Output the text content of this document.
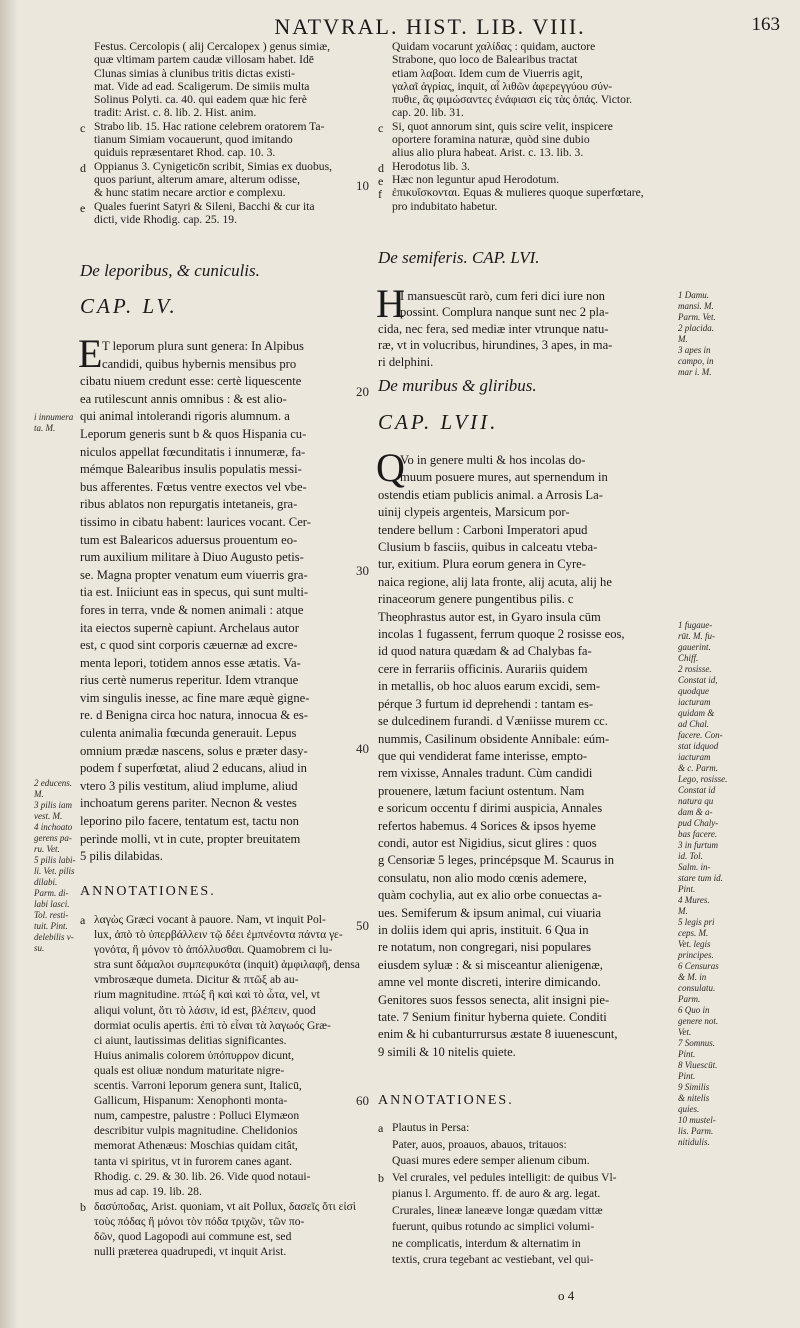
NATVRAL. HIST. LIB. VIII.	163
10
20
30
40
50
60

Festus. Cercolopis ( alij Cercalopex ) genus simiæ,

quæ vltimam partem caudæ villosam habet. Idē

Clunas simias à clunibus tritis dictas existi-

mat. Vide ad ead. Scaligerum. De simiis multa

Solinus Polyti. ca. 40. qui eadem quæ hic ferè

tradit: Arist. c. 8. lib. 2. Hist. anim.

c Strabo lib. 15. Hac ratione celebrem oratorem Ta-

tianum Simiam vocauerunt, quod imitando

quiduis repræsentaret Rhod. cap. 10. 3.

d Oppianus 3. Cynigeticōn scribit, Simias ex duobus,

quos pariunt, alterum amare, alterum odisse,

& hunc statim necare arctior e complexu.

e Quales fuerint Satyri & Sileni, Bacchi & cur ita

dicti, vide Rhodig. cap. 25. 19.

De leporibus, & cuniculis.

CAP. LV.

T leporum plura sunt genera: In Alpibus

candidi, quibus hybernis mensibus pro

cibatu niuem credunt esse: certè liquescente

ea rutilescunt annis omnibus : & est alio-

qui animal intolerandi rigoris alumnum. a

Leporum generis sunt b & quos Hispania cu-

niculos appellat fœcunditatis i innumeræ, fa-

mémque Balearibus insulis populatis messi-

bus afferentes. Fœtus ventre exectos vel vbe-

ribus ablatos non repurgatis intetaneis, gra-

tissimo in cibatu habent: laurices vocant. Cer-

tum est Balearicos aduersus prouentum eo-

rum auxilium militare à Diuo Augusto petis-

se. Magna propter venatum eum viuerris gra-

tia est. Iniiciunt eas in specus, qui sunt multi-

fores in terra, vnde & nomen animali : atque

ita eiectos supernè capiunt. Archelaus autor

est, c quod sint corporis cæuernæ ad excre-

menta lepori, totidem annos esse ætatis. Va-

rius certè numerus reperitur. Idem vtranque

vim singulis inesse, ac fine mare æquè gigne-

re. d Benigna circa hoc natura, innocua & es-

culenta animalia fœcunda generauit. Lepus

omnium prædæ nascens, solus e præter dasy-

podem f superfœtat, aliud 2 educans, aliud in

vtero 3 pilis vestitum, aliud implume, aliud

inchoatum gerens pariter. Necnon & vestes

leporino pilo facere, tentatum est, tactu non

perinde molli, vt in cute, propter breuitatem

5 pilis dilabidas.

E

ANNOTATIONES.

a λαγὼς Græci vocant à pauore. Nam, vt inquit Pol-

lux, ἀπὸ τὸ ὑπερβάλλειν τῷ δέει ἐμπνέοντα πάντα γε-

γονότα, ἢ μόνον τὸ ἀπόλλυσθαι. Quamobrem ci lu-

stra sunt δάμαλοι συμπεφυκότα (inquit) ἀμφιλαφῆ, densa

vmbrosæque dumeta. Dicitur & πτῶξ ab au-

rium magnitudine. πτώξ ἢ καὶ καὶ τὸ ὦτα, vel, vt

aliqui volunt, ὅτι τὸ λάσιν, id est, βλέπειν, quod

dormiat oculis apertis. ἐπὶ τὸ εἶναι τὰ λαγωός Græ-

ci aiunt, lautissimas delitias significantes.

Huius animalis colorem ὑπόπυρρον dicunt,

quals est oliuæ nondum maturitate nigre-

scentis. Varroni leporum genera sunt, Italicū,

Gallicum, Hispanum: Xenophonti monta-

num, campestre, palustre : Polluci Elymæon

describitur vulpis magnitudine. Chelidonios

memorat Athenæus: Moschias quidam citât,

tanta vi spiritus, vt in furorem canes agant.

Rhodig. c. 29. & 30. lib. 26. Vide quod notaui-

mus ad cap. 19. lib. 28.

b δασύποδας, Arist. quoniam, vt ait Pollux, δασεῖς ὅτι εἰσὶ

τοὺς πόδας ἢ μόνοι τὸν πόδα τριχῶν, τῶν πο-

δῶν, quod Lagopodi aui commune est, sed

nulli præterea quadrupedi, vt inquit Arist.

Quidam vocarunt χαλίδας : quidam, auctore

Strabone, quo loco de Balearibus tractat

etiam λαβοαι. Idem cum de Viuerris agit,

γαλαῖ ἀγρίας, inquit, αἷ λιθῶν ἀφερεγγύου σύν-

πυθιε, ἂς φιμώσαντες ἐνάφιασι εἰς τὰς ὀπάς. Victor.

cap. 20. lib. 31.

c Si, quot annorum sint, quis scire velit, inspicere

oportere foramina naturæ, quòd sine dubio

alius alio plura habeat. Arist. c. 13. lib. 3.

d Herodotus lib. 3.

e Hæc non leguntur apud Herodotum.

f ἐπικυΐσκονται. Equas & mulieres quoque superfœtare,

pro indubitato habetur.

De semiferis. CAP. LVI.

I mansuescūt rarò, cum feri dici iure non

possint. Complura nanque sunt nec 2 pla-

cida, nec fera, sed mediæ inter vtrunque natu-

ræ, vt in volucribus, hirundines, 3 apes, in ma-

ri delphini.

H

De muribus & gliribus.

CAP. LVII.

Vo in genere multi & hos incolas do-

muum posuere mures, aut spernendum in

ostendis etiam publicis animal. a Arrosis La-

uinij clypeis argenteis, Marsicum por-

tendere bellum : Carboni Imperatori apud

Clusium b fasciis, quibus in calceatu vteba-

tur, exitium. Plura eorum genera in Cyre-

naica regione, alij lata fronte, alij acuta, alij he

rinaceorum genere pungentibus pilis. c

Theophrastus autor est, in Gyaro insula cūm

incolas 1 fugassent, ferrum quoque 2 rosisse eos,

id quod natura quædam & ad Chalybas fa-

cere in ferrariis officinis. Aurariis quidem

in metallis, ob hoc aluos earum excidi, sem-

pérque 3 furtum id deprehendi : tantam es-

se dulcedinem furandi. d Væniisse murem cc.

nummis, Casilinum obsidente Annibale: eúm-

que qui vendiderat fame interisse, empto-

rem vixisse, Annales tradunt. Cùm candidi

prouenere, lætum faciunt ostentum. Nam

e soricum occentu f dirimi auspicia, Annales

refertos habemus. 4 Sorices & ipsos hyeme

condi, autor est Nigidius, sicut glires : quos

g Censoriæ 5 leges, princépsque M. Scaurus in

consulatu, non alio modo cœnis ademere,

quàm cochylia, aut ex alio orbe conuectas a-

ues. Semiferum & ipsum animal, cui viuaria

in doliis idem qui apris, instituit. 6 Qua in

re notatum, non congregari, nisi populares

eiusdem syluæ : & si misceantur alienigenæ,

amne vel monte discreti, interire dimicando.

Genitores suos fessos senecta, alit insigni pie-

tate. 7 Senium finitur hyberna quiete. Conditi

enim & hi cubanturrursus æstate 8 iuuenescunt,

9 simili & 10 nitelis quiete.

Q

ANNOTATIONES.

a Plautus in Persa:

Pater, auos, proauos, abauos, tritauos:

Quasi mures edere semper alienum cibum.

b Vel crurales, vel pedules intelligit: de quibus Vl-

pianus l. Argumento. ff. de auro & arg. legat.

Crurales, lineæ laneæve longæ quædam vittæ

fuerunt, quibus rotundo ac simplici volumi-

ne complicatis, interdum & alternatim in

textis, crura tegebant ac vestiebant, vel qui-

o 4
i innumera
ta. M.
2 educens.
M.
3 pilis iam
vest. M.
4 inchoato
gerens pa-
ru. Vet.
5 pilis labi-
li. Vet. pilis
dilabi.
Parm. di-
labi lasci.
Tol. resti-
tuit. Pint.
delebilis v-
su.
1 Damu.
mansi. M.
Parm. Vet.
2 placida.
M.
3 apes in
campo, in
mar i. M.
1 fugaue-
rūt. M. fu-
gauerint.
Chiff.
2 rosisse.
Constat id,
quodque
iacturam
quidam &
ad Chal.
facere. Con-
stat idquod
iacturam
& c. Parm.
Lego, rosisse.
Constat id
natura qu
dam & a-
pud Chaly-
bas facere.
3 in furtum
id. Tol.
Salm. in-
stare tum id.
Pint.
4 Mures.
M.
5 legis pri
ceps. M.
Vet. legis
principes.
6 Censuras
& M. in
consulatu.
Parm.
6 Quo in
genere not.
Vet.
7 Somnus.
Pint.
8 Viuescūt.
Pint.
9 Similis
& nitelis
quies.
10 mustel-
lis. Parm.
nitidulis.
